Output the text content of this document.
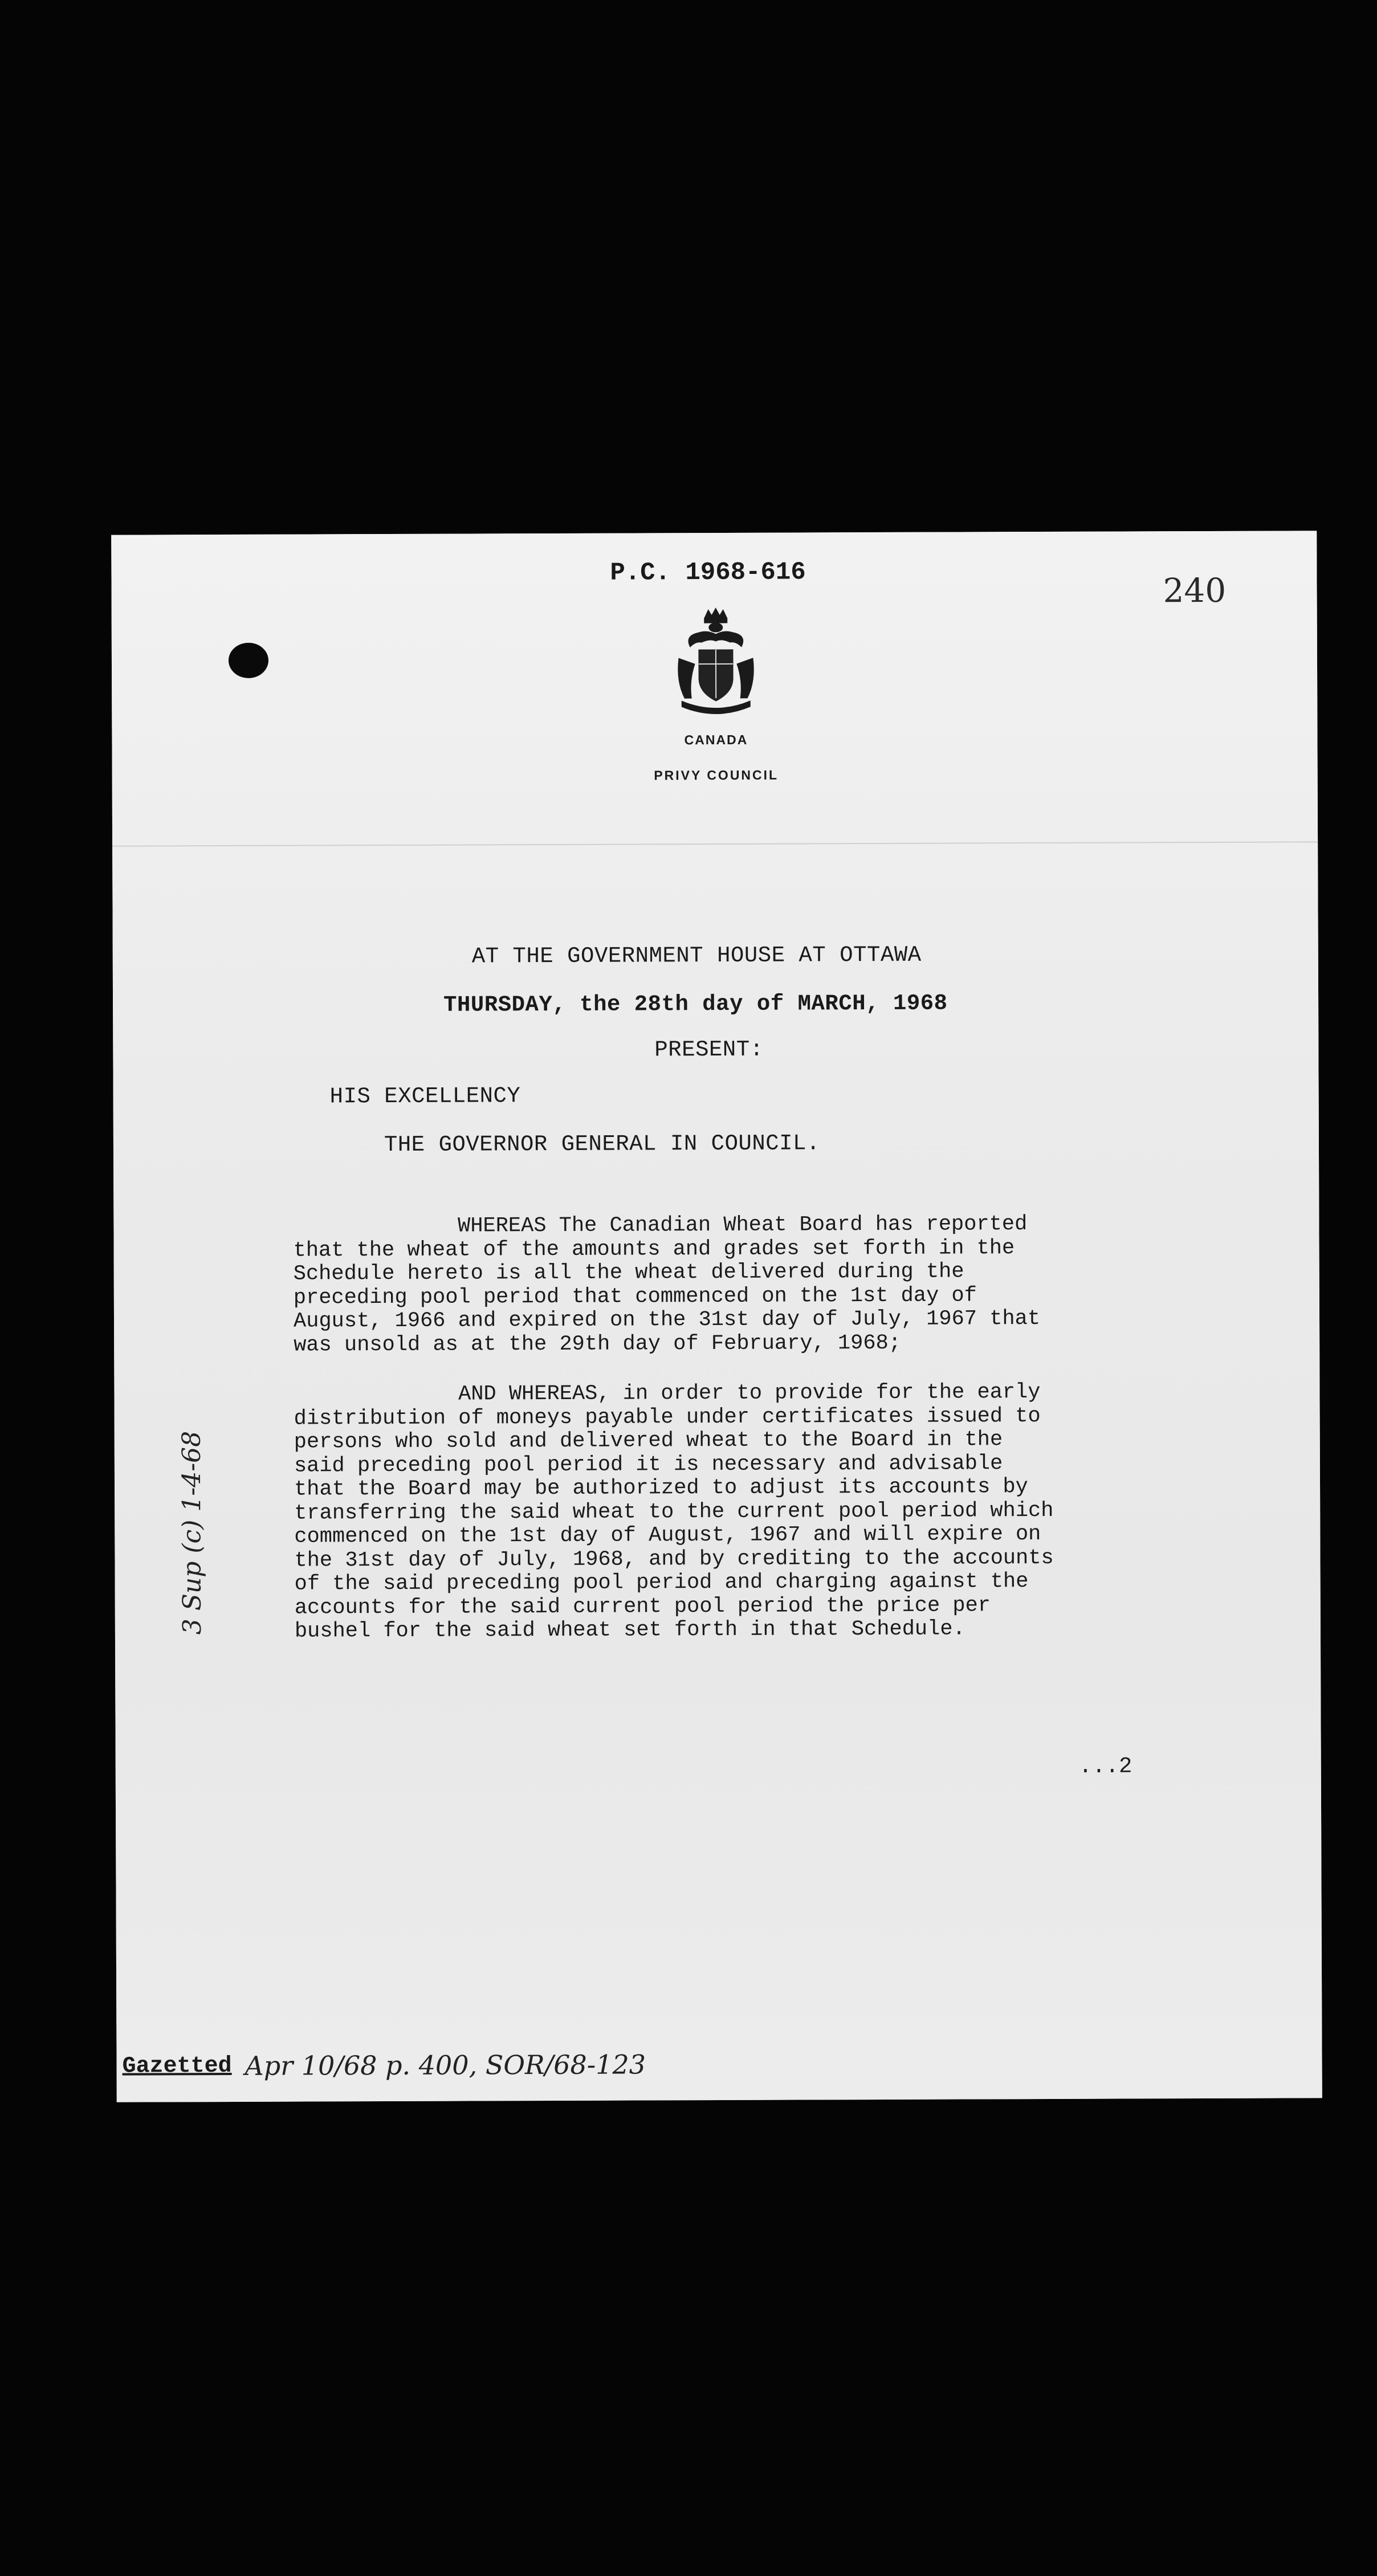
P.C. 1968-616	240
CANADA
PRIVY COUNCIL
AT THE GOVERNMENT HOUSE AT OTTAWA
THURSDAY, the 28th day of MARCH, 1968
PRESENT:
HIS EXCELLENCY
THE GOVERNOR GENERAL IN COUNCIL.
WHEREAS The Canadian Wheat Board has reported
that the wheat of the amounts and grades set forth in the
Schedule hereto is all the wheat delivered during the
preceding pool period that commenced on the 1st day of
August, 1966 and expired on the 31st day of July, 1967 that
was unsold as at the 29th day of February, 1968;
AND WHEREAS, in order to provide for the early
distribution of moneys payable under certificates issued to
persons who sold and delivered wheat to the Board in the
said preceding pool period it is necessary and advisable
that the Board may be authorized to adjust its accounts by
transferring the said wheat to the current pool period which
commenced on the 1st day of August, 1967 and will expire on
the 31st day of July, 1968, and by crediting to the accounts
of the said preceding pool period and charging against the
accounts for the said current pool period the price per
bushel for the said wheat set forth in that Schedule.
...2
3 Sup (c) 1-4-68
Gazetted Apr 10/68 p. 400, SOR/68-123
